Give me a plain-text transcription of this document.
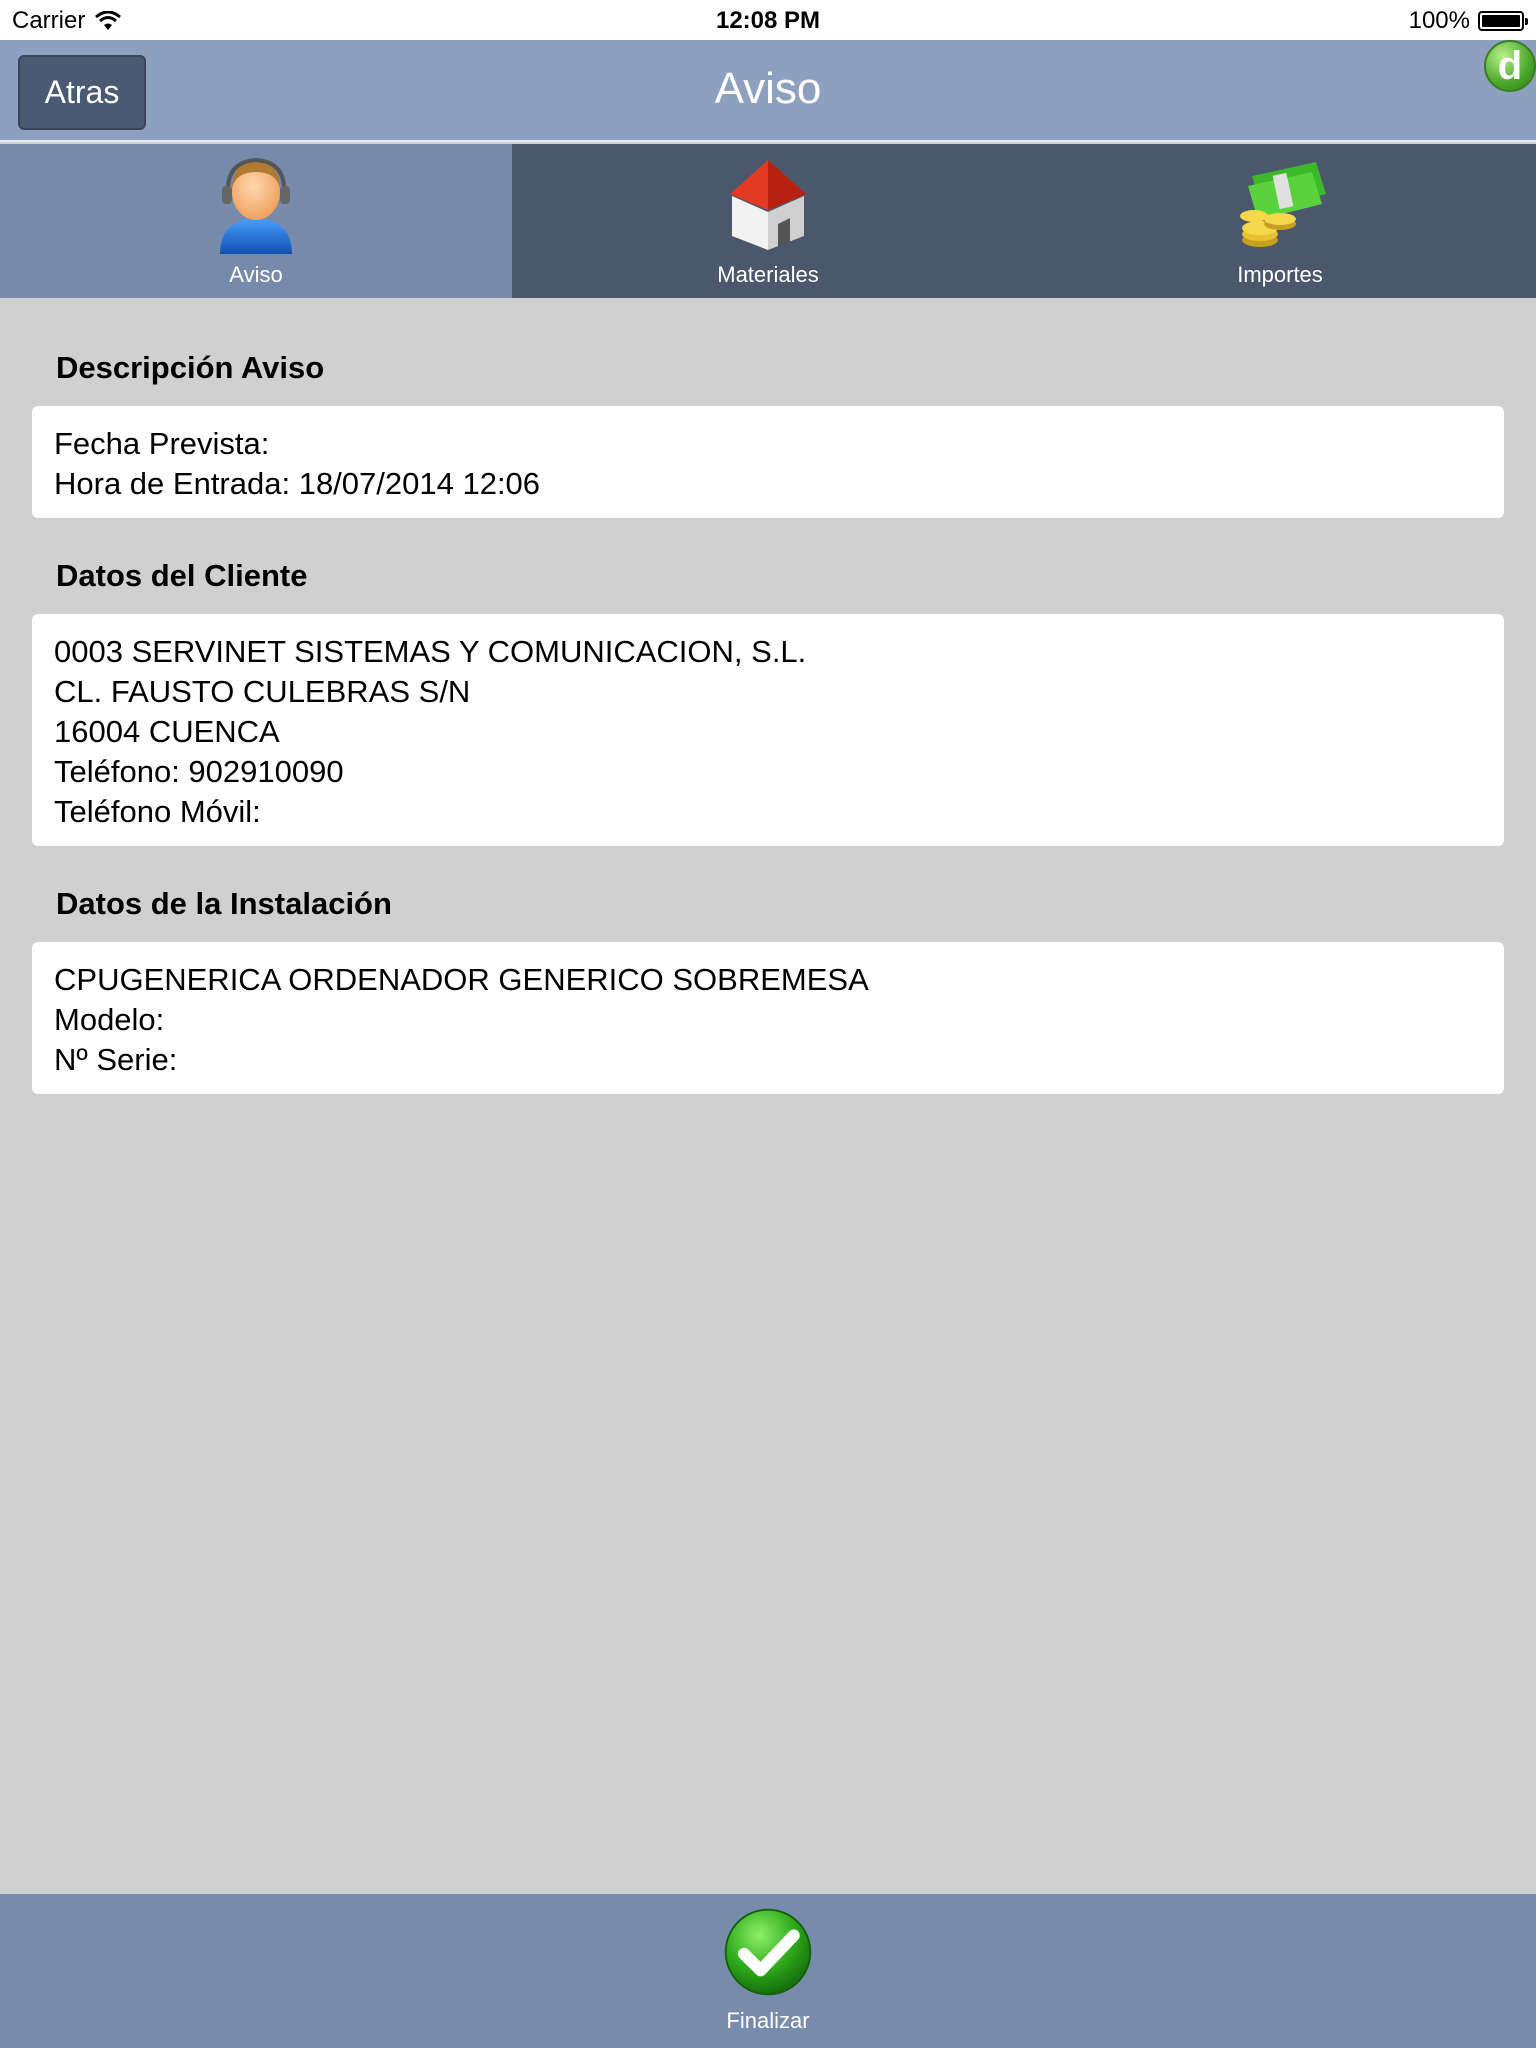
Carrier	12:08 PM	100%
Atras	Aviso	d
Aviso	Materiales	Importes
Descripción Aviso
Fecha Prevista:
Hora de Entrada: 18/07/2014 12:06
Datos del Cliente
0003 SERVINET SISTEMAS Y COMUNICACION, S.L.
CL. FAUSTO CULEBRAS S/N
16004 CUENCA
Teléfono: 902910090
Teléfono Móvil:
Datos de la Instalación
CPUGENERICA ORDENADOR GENERICO SOBREMESA
Modelo:
Nº Serie:
Finalizar
